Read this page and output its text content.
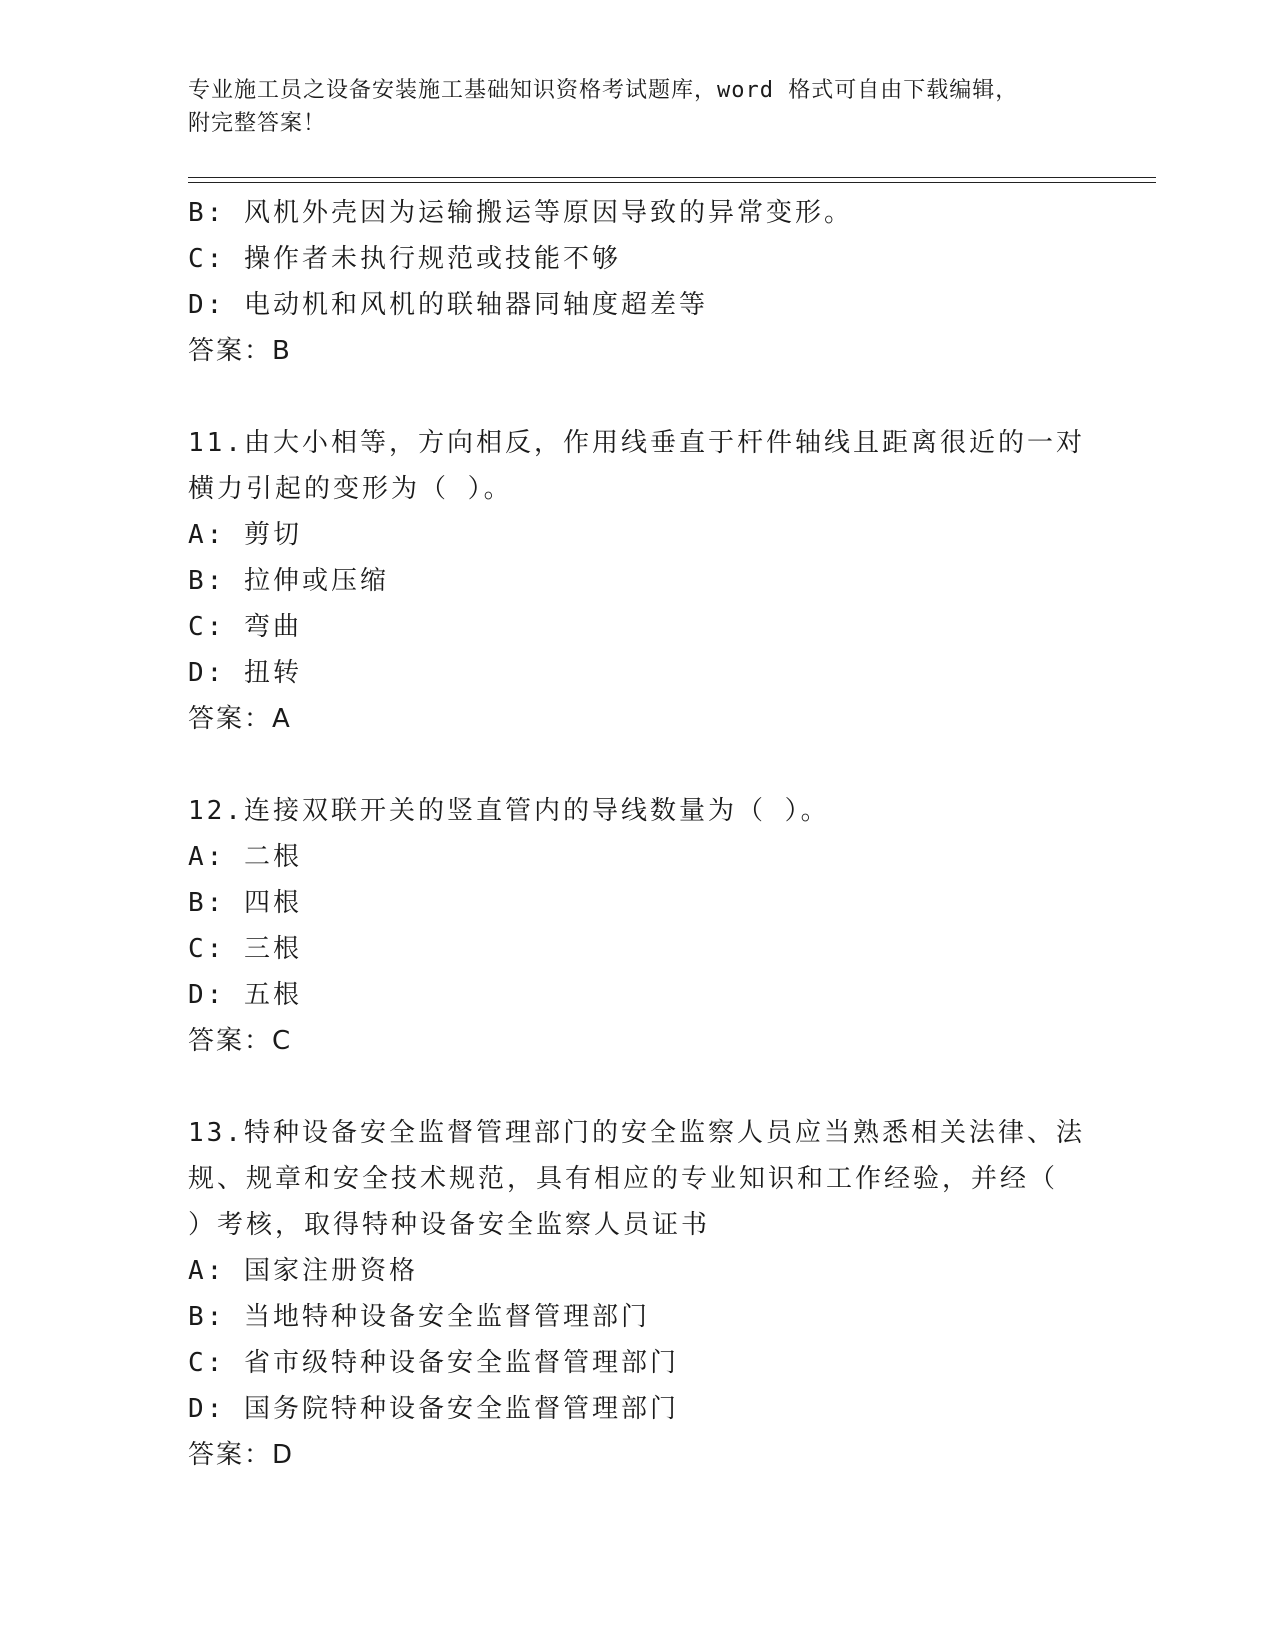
专业施工员之设备安装施工基础知识资格考试题库，word 格式可自由下载编辑，
附完整答案！
B: 风机外壳因为运输搬运等原因导致的异常变形。
C: 操作者未执行规范或技能不够
D: 电动机和风机的联轴器同轴度超差等
答案：B
11.由大小相等，方向相反，作用线垂直于杆件轴线且距离很近的一对
横力引起的变形为（ ）。
A: 剪切
B: 拉伸或压缩
C: 弯曲
D: 扭转
答案：A
12.连接双联开关的竖直管内的导线数量为（ ）。
A: 二根
B: 四根
C: 三根
D: 五根
答案：C
13.特种设备安全监督管理部门的安全监察人员应当熟悉相关法律、法
规、规章和安全技术规范，具有相应的专业知识和工作经验，并经（
）考核，取得特种设备安全监察人员证书
A: 国家注册资格
B: 当地特种设备安全监督管理部门
C: 省市级特种设备安全监督管理部门
D: 国务院特种设备安全监督管理部门
答案：D
